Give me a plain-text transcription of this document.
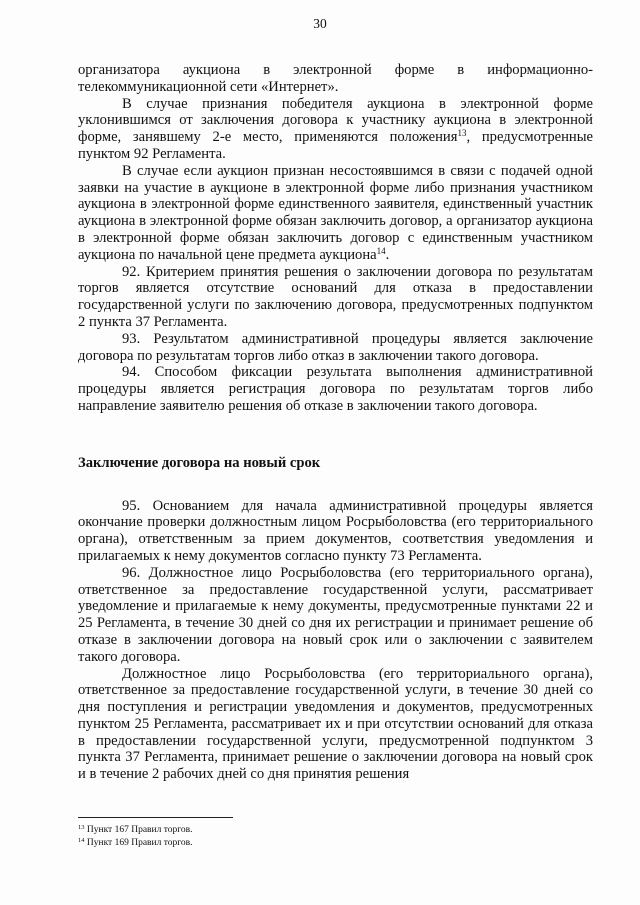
30

организатора аукциона в электронной форме в информационно-телекоммуникационной сети «Интернет».

В случае признания победителя аукциона в электронной форме уклонившимся от заключения договора к участнику аукциона в электронной форме, занявшему 2-е место, применяются положения$^{13}$, предусмотренные пунктом 92 Регламента.

В случае если аукцион признан несостоявшимся в связи с подачей одной заявки на участие в аукционе в электронной форме либо признания участником аукциона в электронной форме единственного заявителя, единственный участник аукциона в электронной форме обязан заключить договор, а организатор аукциона в электронной форме обязан заключить договор с единственным участником аукциона по начальной цене предмета аукциона$^{14}$.

92. Критерием принятия решения о заключении договора по результатам торгов является отсутствие оснований для отказа в предоставлении государственной услуги по заключению договора, предусмотренных подпунктом 2 пункта 37 Регламента.

93. Результатом административной процедуры является заключение договора по результатам торгов либо отказ в заключении такого договора.

94. Способом фиксации результата выполнения административной процедуры является регистрация договора по результатам торгов либо направление заявителю решения об отказе в заключении такого договора.

Заключение договора на новый срок

95. Основанием для начала административной процедуры является окончание проверки должностным лицом Росрыболовства (его территориального органа), ответственным за прием документов, соответствия уведомления и прилагаемых к нему документов согласно пункту 73 Регламента.

96. Должностное лицо Росрыболовства (его территориального органа), ответственное за предоставление государственной услуги, рассматривает уведомление и прилагаемые к нему документы, предусмотренные пунктами 22 и 25 Регламента, в течение 30 дней со дня их регистрации и принимает решение об отказе в заключении договора на новый срок или о заключении с заявителем такого договора.

Должностное лицо Росрыболовства (его территориального органа), ответственное за предоставление государственной услуги, в течение 30 дней со дня поступления и регистрации уведомления и документов, предусмотренных пунктом 25 Регламента, рассматривает их и при отсутствии оснований для отказа в предоставлении государственной услуги, предусмотренной подпунктом 3 пункта 37 Регламента, принимает решение о заключении договора на новый срок и в течение 2 рабочих дней со дня принятия решения

$^{13}$ Пункт 167 Правил торгов.
$^{14}$ Пункт 169 Правил торгов.
